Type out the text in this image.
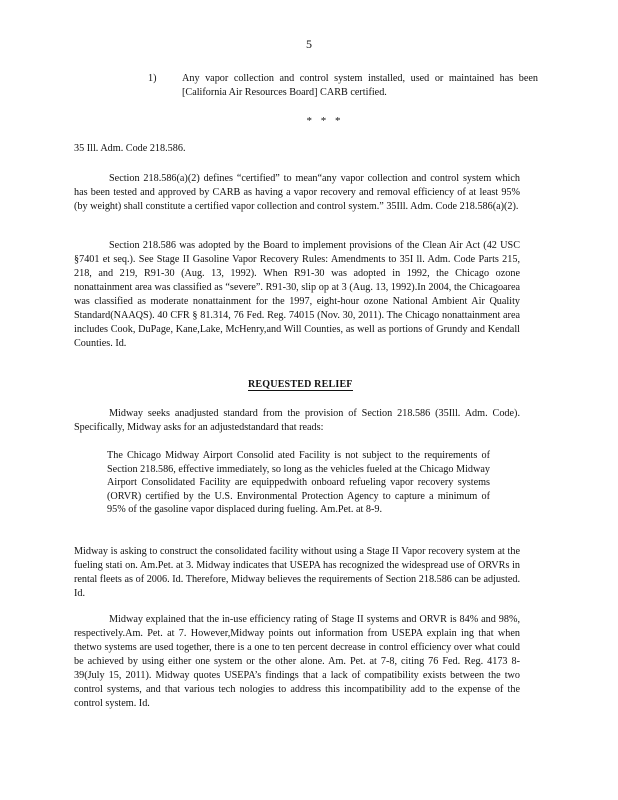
5
1)	Any vapor collection and control system installed, used or maintained has been [California Air Resources Board] CARB certified.
* * *
35 Ill. Adm. Code 218.586.
Section 218.586(a)(2) defines “certified” to mean“any vapor collection and control system which has been tested and approved by CARB as having a vapor recovery and removal efficiency of at least 95% (by weight) shall constitute a certified vapor collection and control system.” 35Ill. Adm. Code 218.586(a)(2).
Section 218.586 was adopted by the Board to implement provisions of the Clean Air Act (42 USC §7401 et seq.). See Stage II Gasoline Vapor Recovery Rules: Amendments to 35I ll. Adm. Code Parts 215, 218, and 219, R91-30 (Aug. 13, 1992). When R91-30 was adopted in 1992, the Chicago ozone nonattainment area was classified as “severe”. R91-30, slip op at 3 (Aug. 13, 1992).In 2004, the Chicagoarea was classified as moderate nonattainment for the 1997, eight-hour ozone National Ambient Air Quality Standard(NAAQS). 40 CFR § 81.314, 76 Fed. Reg. 74015 (Nov. 30, 2011). The Chicago nonattainment area includes Cook, DuPage, Kane,Lake, McHenry,and Will Counties, as well as portions of Grundy and Kendall Counties. Id.
REQUESTED RELIEF
Midway seeks anadjusted standard from the provision of Section 218.586 (35Ill. Adm. Code). Specifically, Midway asks for an adjustedstandard that reads:
The Chicago Midway Airport Consolid ated Facility is not subject to the requirements of Section 218.586, effective immediately, so long as the vehicles fueled at the Chicago Midway Airport Consolidated Facility are equippedwith onboard refueling vapor recovery systems (ORVR) certified by the U.S. Environmental Protection Agency to capture a minimum of 95% of the gasoline vapor displaced during fueling. Am.Pet. at 8-9.
Midway is asking to construct the consolidated facility without using a Stage II Vapor recovery system at the fueling stati on. Am.Pet. at 3. Midway indicates that USEPA has recognized the widespread use of ORVRs in rental fleets as of 2006. Id. Therefore, Midway believes the requirements of Section 218.586 can be adjusted. Id.
Midway explained that the in-use efficiency rating of Stage II systems and ORVR is 84% and 98%, respectively.Am. Pet. at 7. However,Midway points out information from USEPA explain ing that when thetwo systems are used together, there is a one to ten percent decrease in control efficiency over what could be achieved by using either one system or the other alone. Am. Pet. at 7-8, citing 76 Fed. Reg. 4173 8-39(July 15, 2011). Midway quotes USEPA’s findings that a lack of compatibility exists between the two control systems, and that various tech nologies to address this incompatibility add to the expense of the control system. Id.
